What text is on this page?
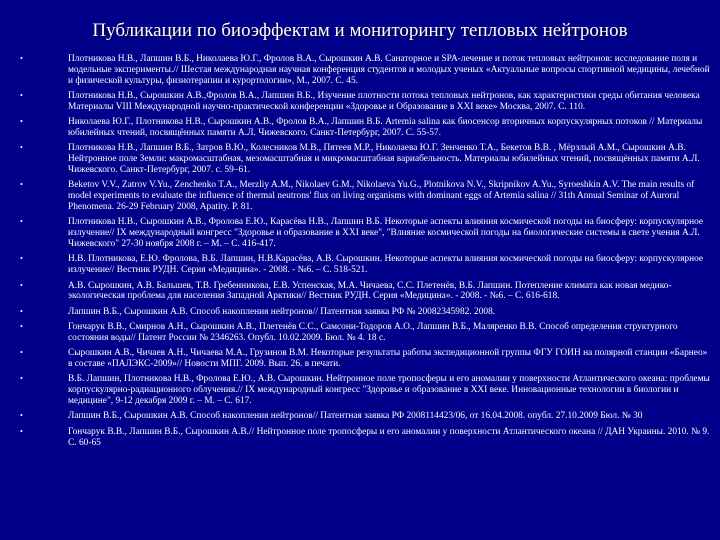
Публикации по биоэффектам и мониторингу тепловых нейтронов
•	Плотникова Н.В., Лапшин В.Б., Николаева Ю.Г., Фролов В.А., Сырошкин А.В. Санаторное и SPA-лечение и поток тепловых нейтронов: исследование поля и модельные эксперименты.// Шестая международная научная конференция студентов и молодых ученых «Актуальные вопросы спортивной медицины, лечебной и физической культуры, физиотерапии и курортологии», М., 2007. С. 45.
•	Плотникова Н.В., Сырошкин А.В.,Фролов В.А., Лапшин В.Б., Изучение плотности потока тепловых нейтронов, как характеристики среды обитания человека Материалы VIII Международной научно-практической конференции «Здоровье и Образование в XXI веке» Москва, 2007. С. 110.
•	Николаева Ю.Г., Плотникова Н.В., Сырошкин А.В., Фролов В.А., Лапшин В.Б. Artemia salina как биосенсор вторичных корпускулярных потоков // Материалы юбилейных чтений, посвящённых памяти А.Л. Чижевского. Санкт-Петербург, 2007. С. 55-57.
•	Плотникова Н.В., Лапшин В.Б., Затров В.Ю., Колесников М.В., Пятеев М.Р., Николаева Ю.Г. Зенченко Т.А., Бекетов В.В. , Мёрзлый А.М., Сырошкин А.В. Нейтронное поле Земли: макромасштабная, мезомасштабная и микромасштабная вариабельность. Материалы юбилейных чтений, посвящённых памяти А.Л. Чижевского. Санкт-Петербург, 2007. с. 59–61.
•	Beketov V.V., Zatrov V.Yu., Zenchenko T.A., Merzliy A.M., Nikolaev G.M., Nikolaeva Yu.G., Plotnikova N.V., Skripnikov A.Yu., Syroeshkin A.V. The main results of model experiments to evaluate the influence of thermal neutrons' flux on living organisms with dominant eggs of Artemia salina // 31th Annual Seminar of Auroral Phenomena. 26-29 February 2008, Apatity. P. 81.
•	Плотникова Н.В., Сырошкин А.В., Фролова Е.Ю., Карасёва Н.В., Лапшин В.Б. Некоторые аспекты влияния космической погоды на биосферу: корпускулярное излучение// IX международный конгресс "Здоровье и образование в XXI веке", "Влияние космической погоды на биологические системы в свете учения А.Л. Чижевского" 27-30 ноября 2008 г. – М. – С. 416-417.
•	Н.В. Плотникова, Е.Ю. Фролова, В.Б. Лапшин, Н.В.Карасёва, А.В. Сырошкин. Некоторые аспекты влияния космической погоды на биосферу: корпускулярное излучение// Вестник РУДН. Серия «Медицина». - 2008. - №6. – С. 518-521.
•	А.В. Сырошкин, А.В. Бальшев, Т.В. Гребенникова, Е.В. Успенская, М.А. Чичаева, С.С. Плетенёв, В.Б. Лапшин. Потепление климата как новая медико-экологическая проблема для населения Западной Арктики// Вестник РУДН. Серия «Медицина». - 2008. - №6. – С. 616-618.
•	Лапшин В.Б., Сырошкин А.В. Способ накопления нейтронов// Патентная заявка РФ № 20082345982. 2008.
•	Гончарук В.В., Смирнов А.Н., Сырошкин А.В., Плетенёв С.С., Самсони-Тодоров А.О., Лапшин В.Б., Маляренко В.В. Способ определения структурного состояния воды// Патент России № 2346263. Опубл. 10.02.2009. Бюл. № 4. 18 с.
•	Сырошкин А.В., Чичаев А.Н., Чичаева М.А., Грузинов В.М. Некоторые результаты работы экспедиционной группы ФГУ ГОИН на полярной станции «Барнео» в составе «ПАЛЭКС-2009»// Новости МПГ. 2009. Вып. 26. в печати.
•	В.Б. Лапшин, Плотникова Н.В., Фролова Е.Ю., А.В. Сырошкин. Нейтронное поле тропосферы и его аномалии у поверхности Атлантического океана: проблемы корпускулярно-радиационного облучения.// IX международный конгресс "Здоровье и образование в XXI веке. Инновационные технологии в биологии и медицине", 9-12 декабря 2009 г. – М. – С. 617.
•	Лапшин В.Б., Сырошкин А.В. Способ накопления нейтронов// Патентная заявка РФ 2008114423/06, от 16.04.2008. опубл. 27.10.2009 Бюл. № 30
•	Гончарук В.В., Лапшин В.Б., Сырошкин А.В.// Нейтронное поле тропосферы и его аномалии у поверхности Атлантического океана // ДАН Украины. 2010. № 9. С. 60-65
